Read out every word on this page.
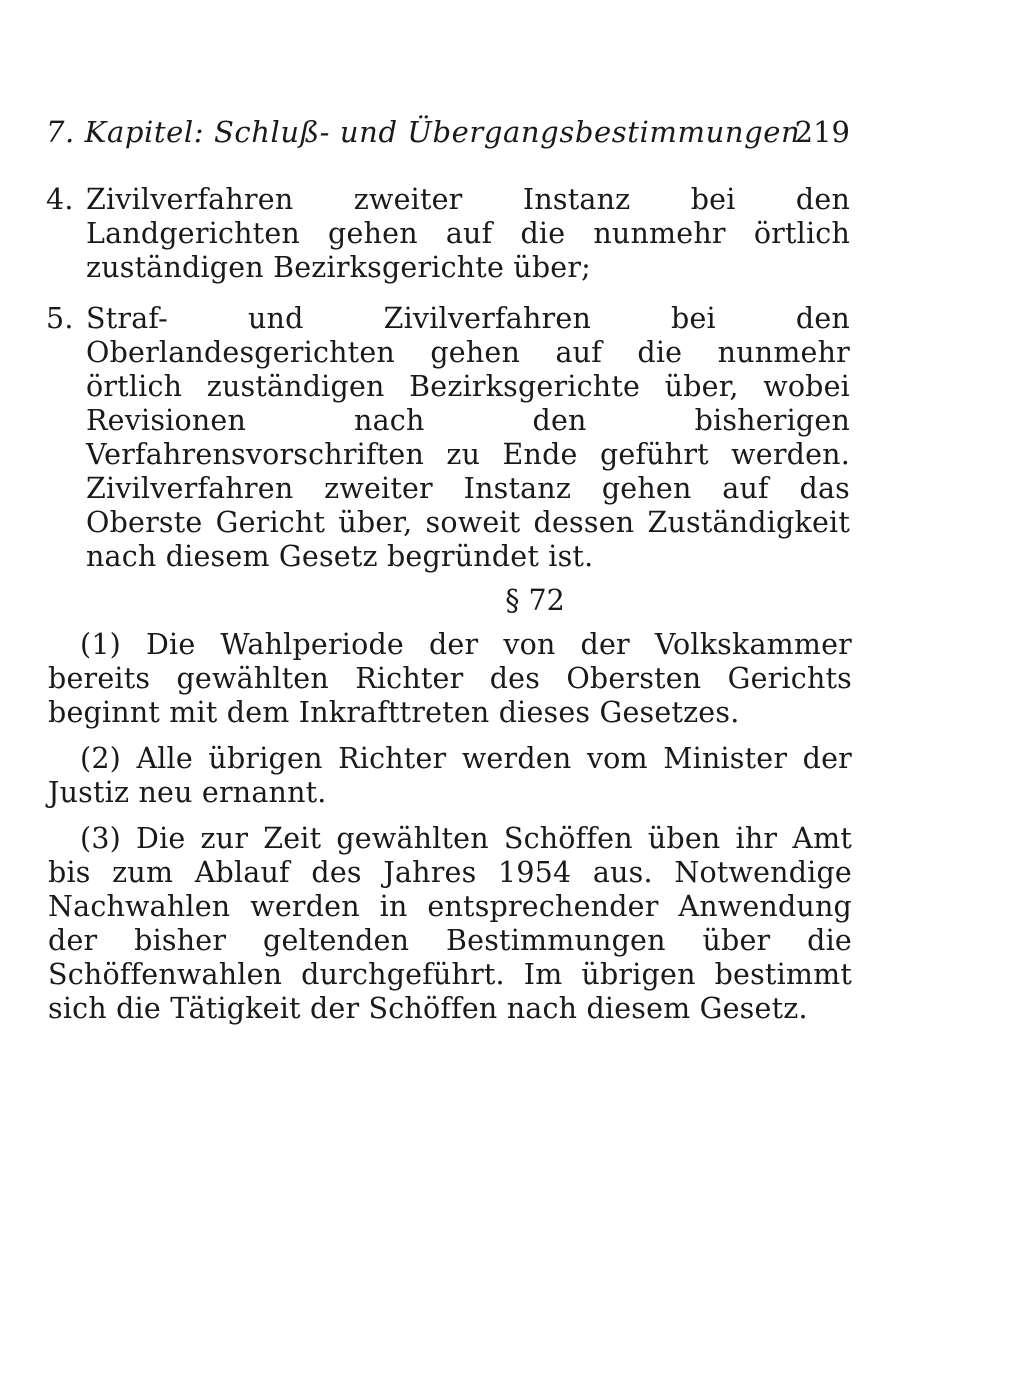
7. Kapitel: Schluß- und Übergangsbestimmungen
219
4. Zivilverfahren zweiter Instanz bei den Landgerichten gehen auf die nunmehr örtlich zuständigen Bezirksgerichte über;
5. Straf- und Zivilverfahren bei den Oberlandesgerichten gehen auf die nunmehr örtlich zuständigen Bezirksgerichte über, wobei Revisionen nach den bisherigen Verfahrensvorschriften zu Ende geführt werden. Zivilverfahren zweiter Instanz gehen auf das Oberste Gericht über, soweit dessen Zuständigkeit nach diesem Gesetz begründet ist.
§ 72
(1) Die Wahlperiode der von der Volkskammer bereits gewählten Richter des Obersten Gerichts beginnt mit dem Inkrafttreten dieses Gesetzes.
(2) Alle übrigen Richter werden vom Minister der Justiz neu ernannt.
(3) Die zur Zeit gewählten Schöffen üben ihr Amt bis zum Ablauf des Jahres 1954 aus. Notwendige Nachwahlen werden in entsprechender Anwendung der bisher geltenden Bestimmungen über die Schöffenwahlen durchgeführt. Im übrigen bestimmt sich die Tätigkeit der Schöffen nach diesem Gesetz.
